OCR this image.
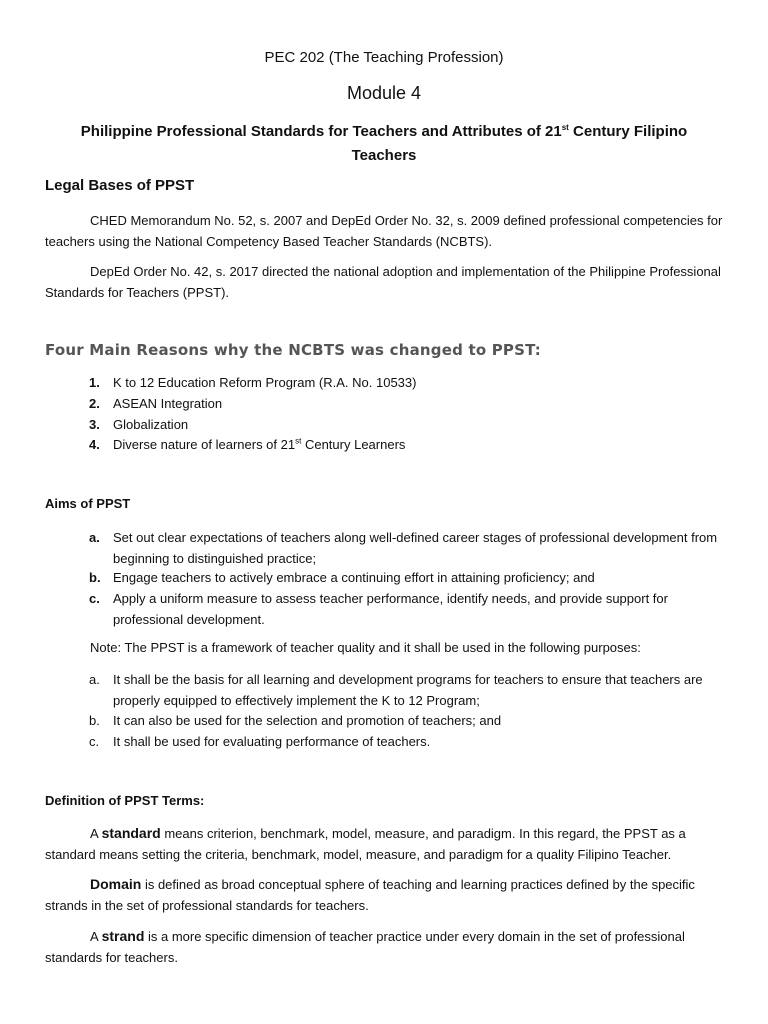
PEC 202 (The Teaching Profession)
Module 4
Philippine Professional Standards for Teachers and Attributes of 21st Century Filipino Teachers
Legal Bases of PPST
CHED Memorandum No. 52, s. 2007 and DepEd Order No. 32, s. 2009 defined professional competencies for teachers using the National Competency Based Teacher Standards (NCBTS).
DepEd Order No. 42, s. 2017 directed the national adoption and implementation of the Philippine Professional Standards for Teachers (PPST).
Four Main Reasons why the NCBTS was changed to PPST:
1. K to 12 Education Reform Program (R.A. No. 10533)
2. ASEAN Integration
3. Globalization
4. Diverse nature of learners of 21st Century Learners
Aims of PPST
a. Set out clear expectations of teachers along well-defined career stages of professional development from beginning to distinguished practice;
b. Engage teachers to actively embrace a continuing effort in attaining proficiency; and
c. Apply a uniform measure to assess teacher performance, identify needs, and provide support for professional development.
Note: The PPST is a framework of teacher quality and it shall be used in the following purposes:
a. It shall be the basis for all learning and development programs for teachers to ensure that teachers are properly equipped to effectively implement the K to 12 Program;
b. It can also be used for the selection and promotion of teachers; and
c. It shall be used for evaluating performance of teachers.
Definition of PPST Terms:
A standard means criterion, benchmark, model, measure, and paradigm. In this regard, the PPST as a standard means setting the criteria, benchmark, model, measure, and paradigm for a quality Filipino Teacher.
Domain is defined as broad conceptual sphere of teaching and learning practices defined by the specific strands in the set of professional standards for teachers.
A strand is a more specific dimension of teacher practice under every domain in the set of professional standards for teachers.
